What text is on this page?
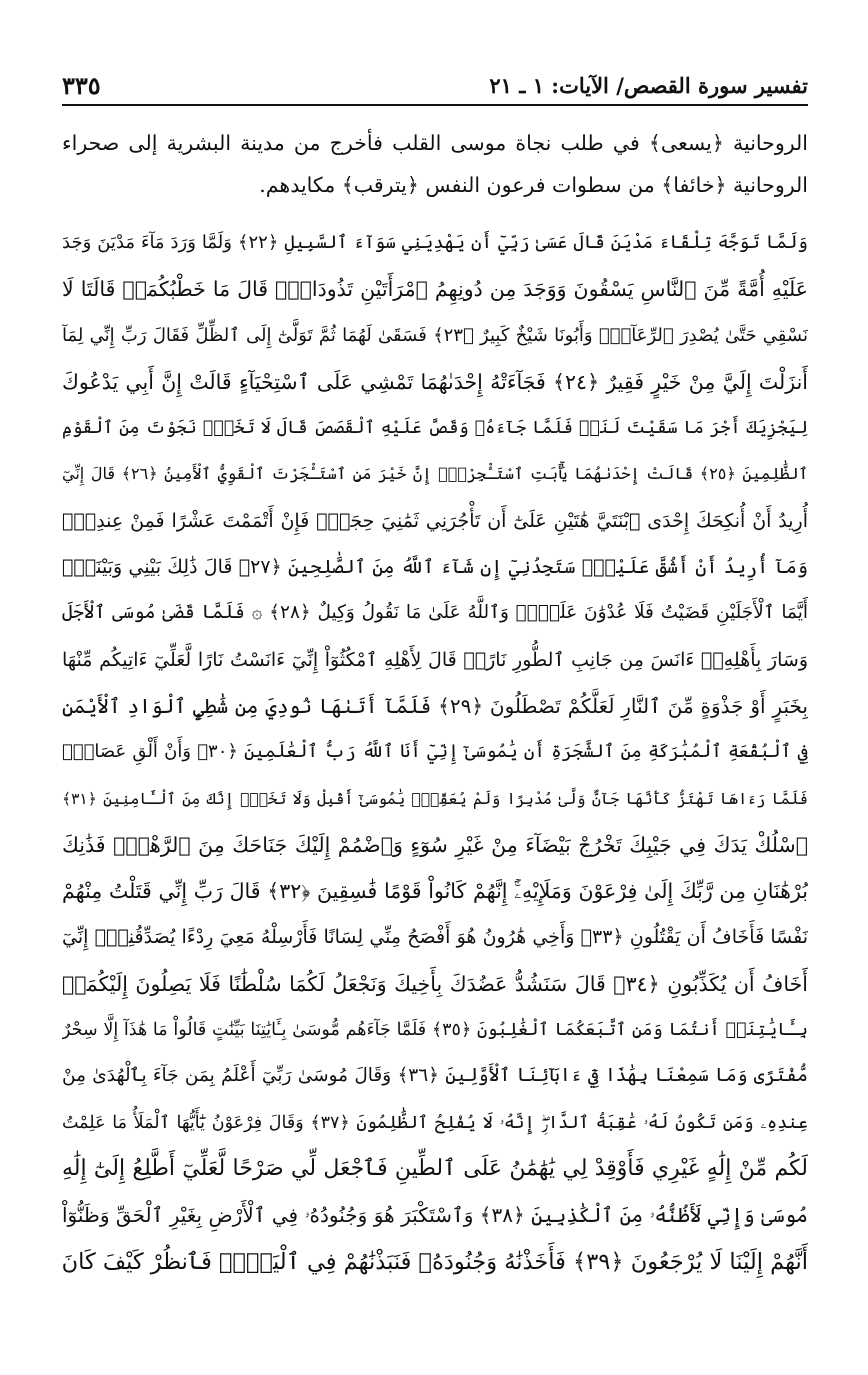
تفسير سورة القصص/ الآيات: ١ ـ ٢١
٣٣٥

الروحانية ﴿يسعى﴾ في طلب نجاة موسى القلب فأخرج من مدينة البشرية إلى صحراء الروحانية ﴿خائفا﴾ من سطوات فرعون النفس ﴿يترقب﴾ مكايدهم.

وَلَمَّا تَوَجَّهَ تِلْقَاءَ مَدْيَنَ قَالَ عَسَىٰ رَبِّيٓ أَن يَهْدِيَنِي سَوَآءَ ٱلسَّبِيلِ ﴿٢٢﴾ وَلَمَّا وَرَدَ مَآءَ مَدْيَنَ وَجَدَ
عَلَيْهِ أُمَّةً مِّنَ ٱلنَّاسِ يَسْقُونَ وَوَجَدَ مِن دُونِهِمُ ٱمْرَأَتَيْنِ تَذُودَانِۖ قَالَ مَا خَطْبُكُمَاۖ قَالَتَا لَا
نَسْقِي حَتَّىٰ يُصْدِرَ ٱلرِّعَآءُۖ وَأَبُونَا شَيْخٌ كَبِيرٌ ﴿٢٣﴾ فَسَقَىٰ لَهُمَا ثُمَّ تَوَلَّىٰٓ إِلَى ٱلظِّلِّ فَقَالَ رَبِّ إِنِّي لِمَآ
أَنزَلْتَ إِلَيَّ مِنْ خَيْرٍ فَقِيرٌ ﴿٢٤﴾ فَجَآءَتْهُ إِحْدَىٰهُمَا تَمْشِي عَلَى ٱسْتِحْيَآءٍ قَالَتْ إِنَّ أَبِي يَدْعُوكَ
لِيَجْزِيَكَ أَجْرَ مَا سَقَيْتَ لَنَاۚ فَلَمَّا جَآءَهُۥ وَقَصَّ عَلَيْهِ ٱلْقَصَصَ قَالَ لَا تَخَفْۖ نَجَوْتَ مِنَ ٱلْقَوْمِ
ٱلظَّٰلِمِينَ ﴿٢٥﴾ قَالَتْ إِحْدَىٰهُمَا يَٰٓأَبَتِ ٱسْتَـْٔجِرْهُۖ إِنَّ خَيْرَ مَنِ ٱسْتَـْٔجَرْتَ ٱلْقَوِيُّ ٱلْأَمِينُ ﴿٢٦﴾ قَالَ إِنِّيٓ
أُرِيدُ أَنْ أُنكِحَكَ إِحْدَى ٱبْنَتَيَّ هَٰتَيْنِ عَلَىٰٓ أَن تَأْجُرَنِي ثَمَٰنِيَ حِجَجٍۖ فَإِنْ أَتْمَمْتَ عَشْرًا فَمِنْ عِندِكَۖ
وَمَآ أُرِيدُ أَنْ أَشُقَّ عَلَيْكَۚ سَتَجِدُنِيٓ إِن شَآءَ ٱللَّهُ مِنَ ٱلصَّٰلِحِينَ ﴿٢٧﴾ قَالَ ذَٰلِكَ بَيْنِي وَبَيْنَكَۖ
أَيَّمَا ٱلْأَجَلَيْنِ قَضَيْتُ فَلَا عُدْوَٰنَ عَلَيَّۖ وَٱللَّهُ عَلَىٰ مَا نَقُولُ وَكِيلٌ ﴿٢٨﴾ ۞ فَلَمَّا قَضَىٰ مُوسَى ٱلْأَجَلَ
وَسَارَ بِأَهْلِهِۦٓ ءَانَسَ مِن جَانِبِ ٱلطُّورِ نَارًاۖ قَالَ لِأَهْلِهِ ٱمْكُثُوٓاْ إِنِّيٓ ءَانَسْتُ نَارًا لَّعَلِّيٓ ءَاتِيكُم مِّنْهَا
بِخَبَرٍ أَوْ جَذْوَةٍ مِّنَ ٱلنَّارِ لَعَلَّكُمْ تَصْطَلُونَ ﴿٢٩﴾ فَلَمَّآ أَتَىٰهَا نُودِيَ مِن شَٰطِيِٕ ٱلْوَادِ ٱلْأَيْمَنِ
فِي ٱلْبُقْعَةِ ٱلْمُبَٰرَكَةِ مِنَ ٱلشَّجَرَةِ أَن يَٰمُوسَىٰٓ إِنِّيٓ أَنَا ٱللَّهُ رَبُّ ٱلْعَٰلَمِينَ ﴿٣٠﴾ وَأَنْ أَلْقِ عَصَاكَۖ
فَلَمَّا رَءَاهَا تَهْتَزُّ كَأَنَّهَا جَآنٌّ وَلَّىٰ مُدْبِرًا وَلَمْ يُعَقِّبْۚ يَٰمُوسَىٰٓ أَقْبِلْ وَلَا تَخَفْۖ إِنَّكَ مِنَ ٱلْـَٔامِنِينَ ﴿٣١﴾
ٱسْلُكْ يَدَكَ فِي جَيْبِكَ تَخْرُجْ بَيْضَآءَ مِنْ غَيْرِ سُوٓءٍ وَٱضْمُمْ إِلَيْكَ جَنَاحَكَ مِنَ ٱلرَّهْبِۖ فَذَٰنِكَ
بُرْهَٰنَانِ مِن رَّبِّكَ إِلَىٰ فِرْعَوْنَ وَمَلَإِيْهِۦٓۚ إِنَّهُمْ كَانُواْ قَوْمًا فَٰسِقِينَ ﴿٣٢﴾ قَالَ رَبِّ إِنِّي قَتَلْتُ مِنْهُمْ
نَفْسًا فَأَخَافُ أَن يَقْتُلُونِ ﴿٣٣﴾ وَأَخِي هَٰرُونُ هُوَ أَفْصَحُ مِنِّي لِسَانًا فَأَرْسِلْهُ مَعِيَ رِدْءًا يُصَدِّقُنِيٓۖ إِنِّيٓ
أَخَافُ أَن يُكَذِّبُونِ ﴿٣٤﴾ قَالَ سَنَشُدُّ عَضُدَكَ بِأَخِيكَ وَنَجْعَلُ لَكُمَا سُلْطَٰنًا فَلَا يَصِلُونَ إِلَيْكُمَاۚ
بِـَٔايَٰتِنَآۚ أَنتُمَا وَمَنِ ٱتَّبَعَكُمَا ٱلْغَٰلِبُونَ ﴿٣٥﴾ فَلَمَّا جَآءَهُم مُّوسَىٰ بِـَٔايَٰتِنَا بَيِّنَٰتٍ قَالُواْ مَا هَٰذَآ إِلَّا سِحْرٌ
مُّفْتَرًى وَمَا سَمِعْنَا بِهَٰذَا فِيٓ ءَابَآئِنَا ٱلْأَوَّلِينَ ﴿٣٦﴾ وَقَالَ مُوسَىٰ رَبِّيٓ أَعْلَمُ بِمَن جَآءَ بِٱلْهُدَىٰ مِنْ
عِندِهِۦ وَمَن تَكُونُ لَهُۥ عَٰقِبَةُ ٱلدَّارِۖ إِنَّهُۥ لَا يُفْلِحُ ٱلظَّٰلِمُونَ ﴿٣٧﴾ وَقَالَ فِرْعَوْنُ يَٰٓأَيُّهَا ٱلْمَلَأُ مَا عَلِمْتُ
لَكُم مِّنْ إِلَٰهٍ غَيْرِي فَأَوْقِدْ لِي يَٰهَٰمَٰنُ عَلَى ٱلطِّينِ فَٱجْعَل لِّي صَرْحًا لَّعَلِّيٓ أَطَّلِعُ إِلَىٰٓ إِلَٰهِ
مُوسَىٰ وَإِنِّي لَأَظُنُّهُۥ مِنَ ٱلْكَٰذِبِينَ ﴿٣٨﴾ وَٱسْتَكْبَرَ هُوَ وَجُنُودُهُۥ فِي ٱلْأَرْضِ بِغَيْرِ ٱلْحَقِّ وَظَنُّوٓاْ
أَنَّهُمْ إِلَيْنَا لَا يُرْجَعُونَ ﴿٣٩﴾ فَأَخَذْنَٰهُ وَجُنُودَهُۥ فَنَبَذْنَٰهُمْ فِي ٱلْيَمِّۖ فَٱنظُرْ كَيْفَ كَانَ
